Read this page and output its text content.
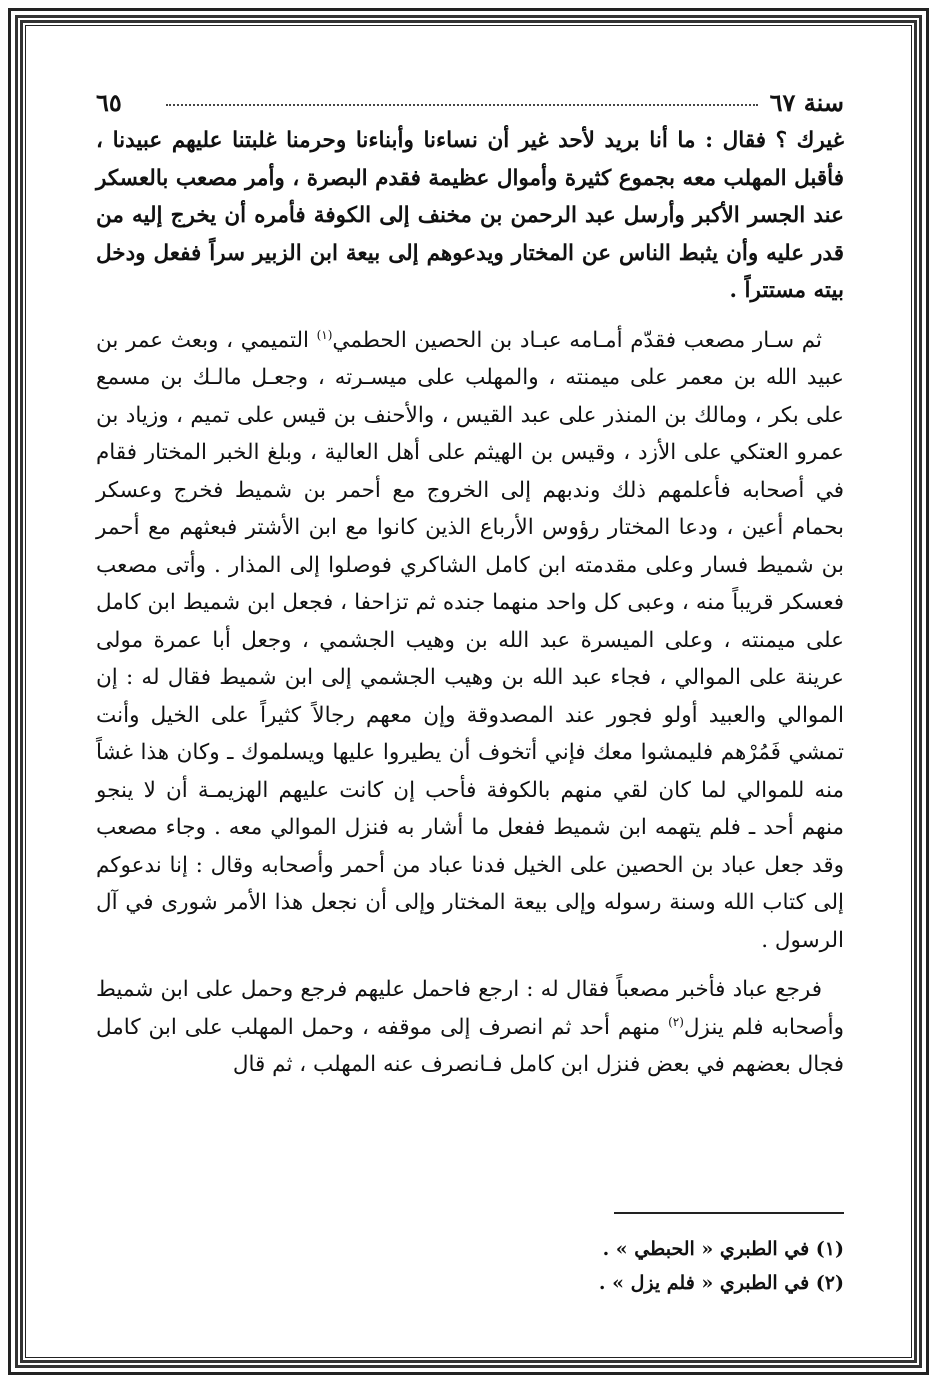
سنة ٦٧
٦٥

غيرك ؟ فقال : ما أنا بريد لأحد غير أن نساءنا وأبناءنا وحرمنا غلبتنا عليهم عبيدنا ، فأقبل المهلب معه بجموع كثيرة وأموال عظيمة فقدم البصرة ، وأمر مصعب بالعسكر عند الجسر الأكبر وأرسل عبد الرحمن بن مخنف إلى الكوفة فأمره أن يخرج إليه من قدر عليه وأن يثبط الناس عن المختار ويدعوهم إلى بيعة ابن الزبير سراً ففعل ودخل بيته مستتراً .

ثم سـار مصعب فقدّم أمـامه عبـاد بن الحصين الحطمي$^{(١)}$ التميمي ، وبعث عمر بن عبيد الله بن معمر على ميمنته ، والمهلب على ميسـرته ، وجعـل مالـك بن مسمع على بكر ، ومالك بن المنذر على عبد القيس ، والأحنف بن قيس على تميم ، وزياد بن عمرو العتكي على الأزد ، وقيس بن الهيثم على أهل العالية ، وبلغ الخبر المختار فقام في أصحابه فأعلمهم ذلك وندبهم إلى الخروج مع أحمر بن شميط فخرج وعسكر بحمام أعين ، ودعا المختار رؤوس الأرباع الذين كانوا مع ابن الأشتر فبعثهم مع أحمر بن شميط فسار وعلى مقدمته ابن كامل الشاكري فوصلوا إلى المذار . وأتى مصعب فعسكر قريباً منه ، وعبى كل واحد منهما جنده ثم تزاحفا ، فجعل ابن شميط ابن كامل على ميمنته ، وعلى الميسرة عبد الله بن وهيب الجشمي ، وجعل أبا عمرة مولى عرينة على الموالي ، فجاء عبد الله بن وهيب الجشمي إلى ابن شميط فقال له : إن الموالي والعبيد أولو فجور عند المصدوقة وإن معهم رجالاً كثيراً على الخيل وأنت تمشي فَمُرْهم فليمشوا معك فإني أتخوف أن يطيروا عليها ويسلموك ـ وكان هذا غشاً منه للموالي لما كان لقي منهم بالكوفة فأحب إن كانت عليهم الهزيمـة أن لا ينجو منهم أحد ـ فلم يتهمه ابن شميط ففعل ما أشار به فنزل الموالي معه . وجاء مصعب وقد جعل عباد بن الحصين على الخيل فدنا عباد من أحمر وأصحابه وقال : إنا ندعوكم إلى كتاب الله وسنة رسوله وإلى بيعة المختار وإلى أن نجعل هذا الأمر شورى في آل الرسول .

فرجع عباد فأخبر مصعباً فقال له : ارجع فاحمل عليهم فرجع وحمل على ابن شميط وأصحابه فلم ينزل$^{(٢)}$ منهم أحد ثم انصرف إلى موقفه ، وحمل المهلب على ابن كامل فجال بعضهم في بعض فنزل ابن كامل فـانصرف عنه المهلب ، ثم قال

(١) في الطبري « الحبطي » .
(٢) في الطبري « فلم يزل » .
